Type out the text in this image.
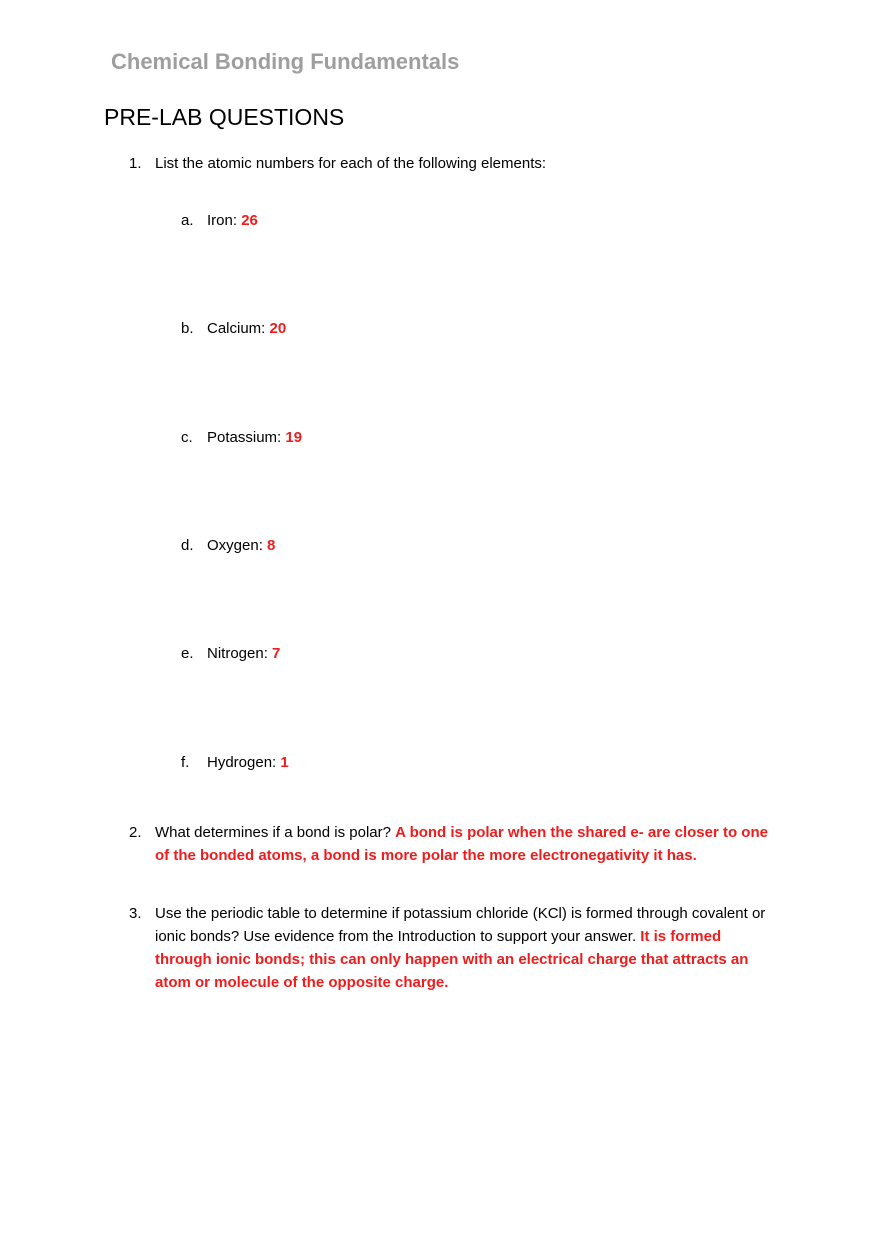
Chemical Bonding Fundamentals
PRE-LAB QUESTIONS
1. List the atomic numbers for each of the following elements:
a. Iron: 26
b. Calcium: 20
c. Potassium: 19
d. Oxygen: 8
e. Nitrogen: 7
f. Hydrogen: 1
2. What determines if a bond is polar? A bond is polar when the shared e- are closer to one of the bonded atoms, a bond is more polar the more electronegativity it has.
3. Use the periodic table to determine if potassium chloride (KCl) is formed through covalent or ionic bonds? Use evidence from the Introduction to support your answer. It is formed through ionic bonds; this can only happen with an electrical charge that attracts an atom or molecule of the opposite charge.
